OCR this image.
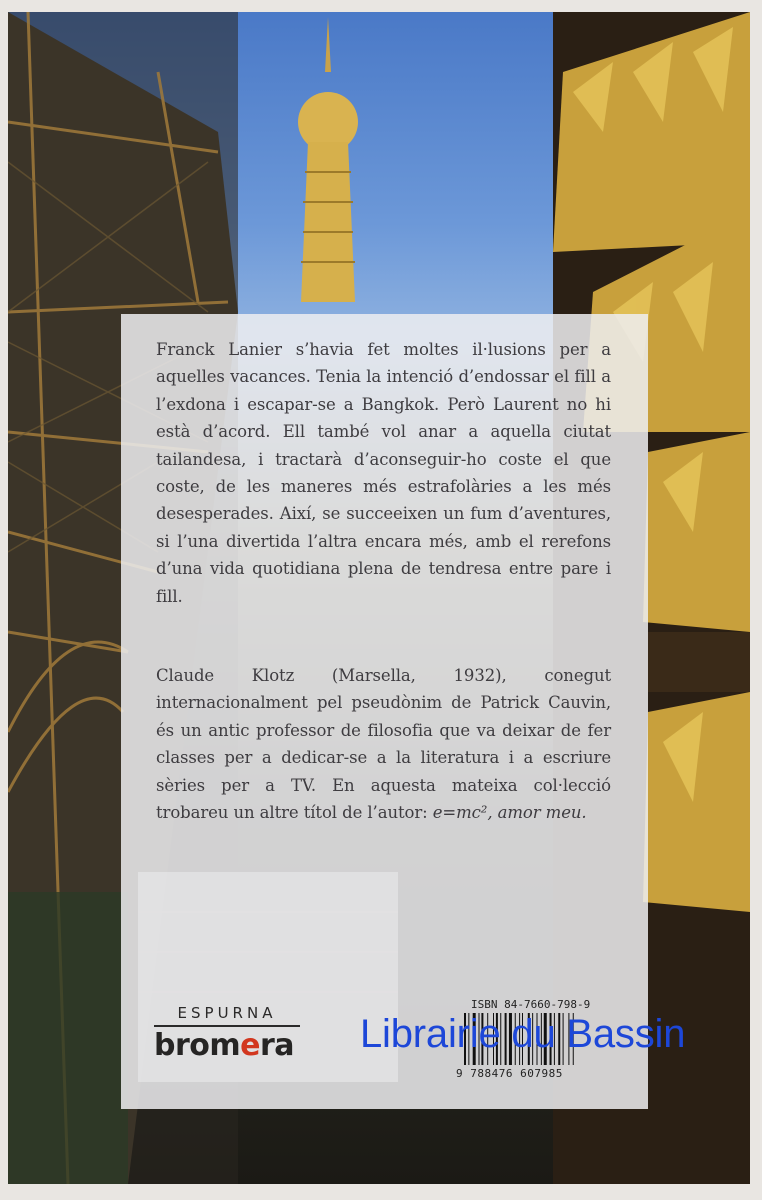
Franck Lanier s’havia fet moltes il·lusions per a aquelles vacances. Tenia la intenció d’endossar el fill a l’exdona i escapar-se a Bangkok. Però Laurent no hi està d’acord. Ell també vol anar a aquella ciutat tailandesa, i tractarà d’aconseguir-ho coste el que coste, de les maneres més estrafolàries a les més desesperades. Així, se succeeixen un fum d’aventures, si l’una divertida l’altra encara més, amb el rerefons d’una vida quotidiana plena de tendresa entre pare i fill.

Claude Klotz (Marsella, 1932), conegut internacionalment pel pseudònim de Patrick Cauvin, és un antic professor de filosofia que va deixar de fer classes per a dedicar-se a la literatura i a escriure sèries per a TV. En aquesta mateixa col·lecció trobareu un altre títol de l’autor: e=mc², amor meu.

ESPURNA
bromera
ISBN 84-7660-798-9
9 788476 607985
Librairie du Bassin
